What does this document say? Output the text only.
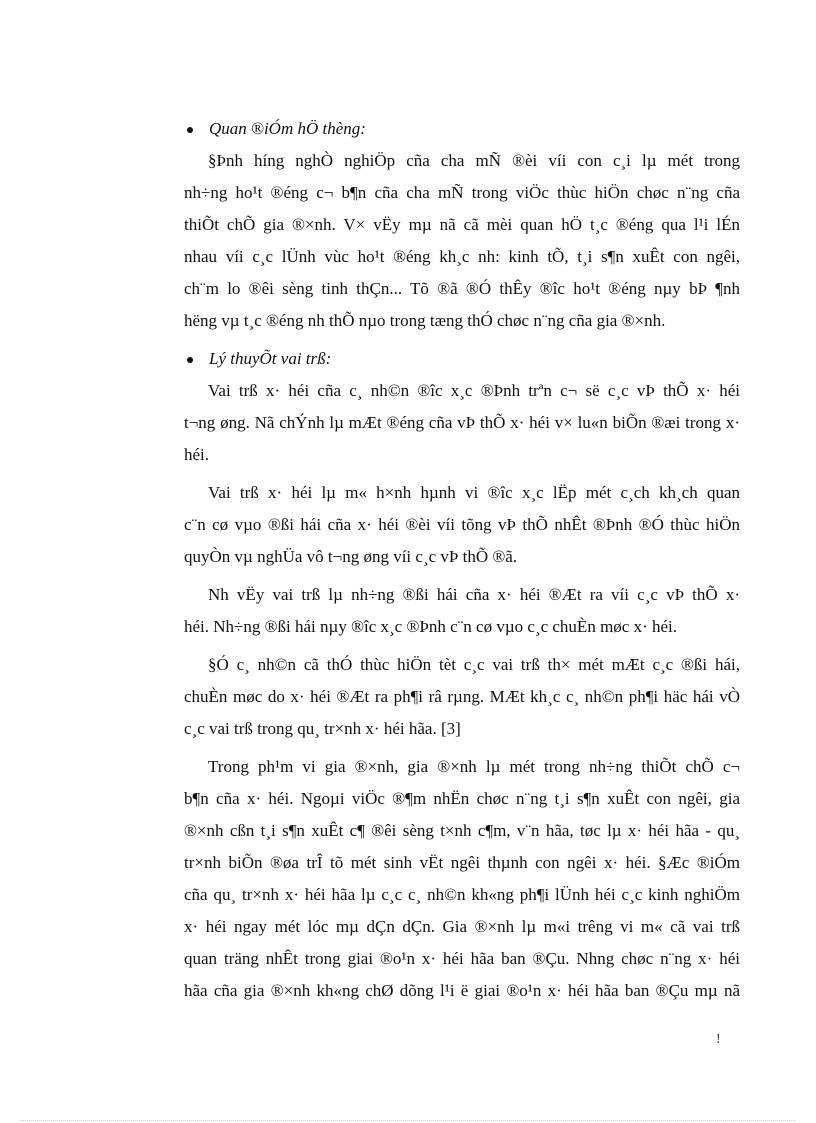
Quan ®iÓm hÖ thèng:
§Þnh híng nghÒ nghiÖp cña cha mÑ ®èi víi con c¸i lµ mét trong
nh÷ng ho¹t ®éng c¬ b¶n cña cha mÑ trong viÖc thùc hiÖn chøc n¨ng cña
thiÕt chÕ gia ®×nh. V× vËy mµ nã cã mèi quan hÖ t¸c ®éng qua l¹i lÉn
nhau víi c¸c lÜnh vùc ho¹t ®éng kh¸c nh: kinh tÕ, t¸i s¶n xuÊt con ngêi,
ch¨m lo ®êi sèng tinh thÇn... Tõ ®ã ®Ó thÊy ®îc ho¹t ®éng nµy bÞ ¶nh
hëng vµ t¸c ®éng nh thÕ nµo trong tæng thÓ chøc n¨ng cña gia ®×nh.
Lý thuyÕt vai trß:
Vai trß x· héi cña c¸ nh©n ®îc x¸c ®Þnh trªn c¬ së c¸c vÞ thÕ x· héi
t¬ng øng. Nã chÝnh lµ mÆt ®éng cña vÞ thÕ x· héi v× lu«n biÕn ®æi trong x·
héi.
Vai trß x· héi lµ m« h×nh hµnh vi ®îc x¸c lËp mét c¸ch kh¸ch quan
c¨n cø vµo ®ßi hái cña x· héi ®èi víi tõng vÞ thÕ nhÊt ®Þnh ®Ó thùc hiÖn
quyÒn vµ nghÜa vô t¬ng øng víi c¸c vÞ thÕ ®ã.
Nh vËy vai trß lµ nh÷ng ®ßi hái cña x· héi ®Æt ra víi c¸c vÞ thÕ x·
héi. Nh÷ng ®ßi hái nµy ®îc x¸c ®Þnh c¨n cø vµo c¸c chuÈn møc x· héi.
§Ó c¸ nh©n cã thÓ thùc hiÖn tèt c¸c vai trß th× mét mÆt c¸c ®ßi hái,
chuÈn møc do x· héi ®Æt ra ph¶i râ rµng. MÆt kh¸c c¸ nh©n ph¶i häc hái vÒ
c¸c vai trß trong qu¸ tr×nh x· héi hãa. [3]
Trong ph¹m vi gia ®×nh, gia ®×nh lµ mét trong nh÷ng thiÕt chÕ c¬
b¶n cña x· héi. Ngoµi viÖc ®¶m nhËn chøc n¨ng t¸i s¶n xuÊt con ngêi, gia
®×nh cßn t¸i s¶n xuÊt c¶ ®êi sèng t×nh c¶m, v¨n hãa, tøc lµ x· héi hãa - qu¸
tr×nh biÕn ®øa trÎ tõ mét sinh vËt ngêi thµnh con ngêi x· héi. §Æc ®iÓm
cña qu¸ tr×nh x· héi hãa lµ c¸c c¸ nh©n kh«ng ph¶i lÜnh héi c¸c kinh nghiÖm
x· héi ngay mét lóc mµ dÇn dÇn. Gia ®×nh lµ m«i trêng vi m« cã vai trß
quan träng nhÊt trong giai ®o¹n x· héi hãa ban ®Çu. Nhng chøc n¨ng x· héi
hãa cña gia ®×nh kh«ng chØ dõng l¹i ë giai ®o¹n x· héi hãa ban ®Çu mµ nã
!
